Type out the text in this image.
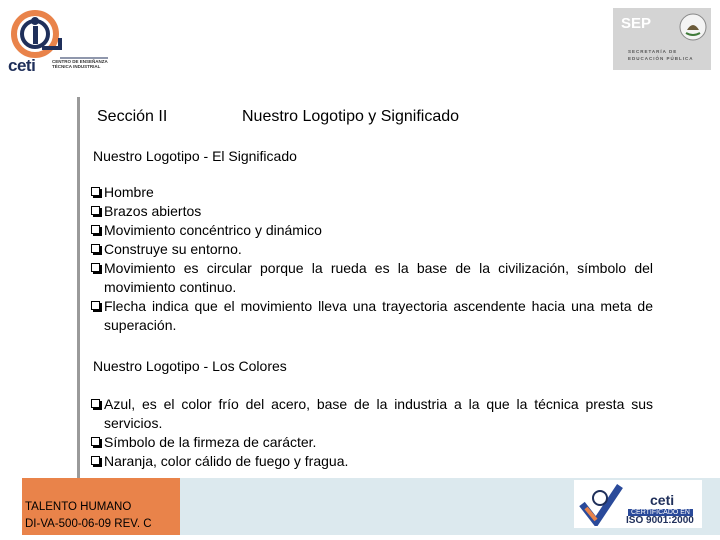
ceti	CENTRO DE ENSEÑANZA TÉCNICA INDUSTRIAL
SEP
SECRETARÍA DE
EDUCACIÓN PÚBLICA
Sección II	Nuestro Logotipo y Significado
Nuestro Logotipo - El Significado
Hombre
Brazos abiertos
Movimiento concéntrico y dinámico
Construye su entorno.
Movimiento es circular porque la rueda es la base de la civilización, símbolo del movimiento continuo.
Flecha indica que el movimiento lleva una trayectoria ascendente hacia una meta de superación.
Nuestro Logotipo - Los Colores
Azul, es el color frío del acero, base de la industria a la que la técnica presta sus servicios.
Símbolo de la firmeza de carácter.
Naranja, color cálido de fuego y fragua.
TALENTO HUMANO
DI-VA-500-06-09 REV. C
ceti
CERTIFICADO EN
ISO 9001:2000
